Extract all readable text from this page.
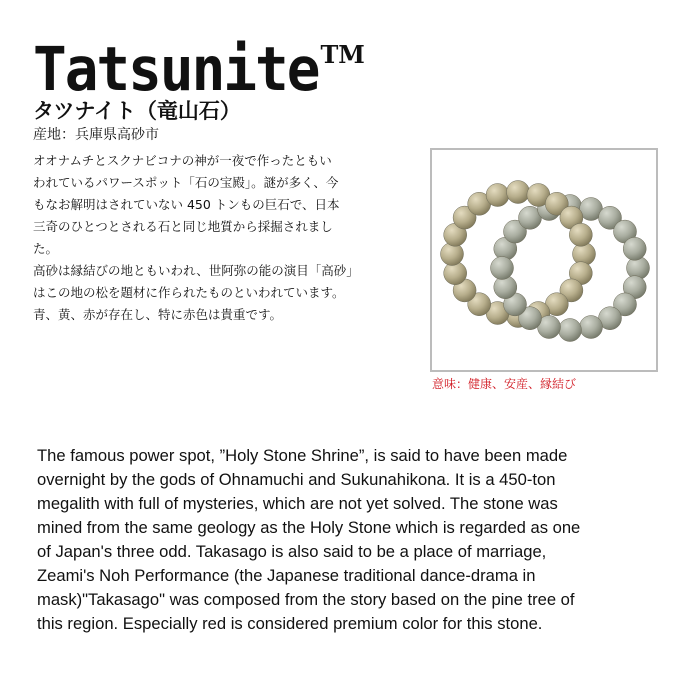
Tatsunite TM
タツナイト（竜山石）
産地：兵庫県高砂市

オオナムチとスクナビコナの神が一夜で作ったともい

われているパワースポット「石の宝殿」。謎が多く、今

もなお解明はされていない 450 トンもの巨石で、日本

三奇のひとつとされる石と同じ地質から採掘されまし

た。

高砂は縁結びの地ともいわれ、世阿弥の能の演目「高砂」

はこの地の松を題材に作られたものといわれています。

青、黄、赤が存在し、特に赤色は貴重です。

意味：健康、安産、縁結び
The famous power spot, ”Holy Stone Shrine”, is said to have been made
overnight by the gods of Ohnamuchi and Sukunahikona. It is a 450-ton
megalith with full of mysteries, which are not yet solved. The stone was
mined from the same geology as the Holy Stone which is regarded as one
of Japan's three odd. Takasago is also said to be a place of marriage,
Zeami's Noh Performance (the Japanese traditional dance-drama in
mask)"Takasago" was composed from the story based on the pine tree of
this region. Especially red is considered premium color for this stone.
